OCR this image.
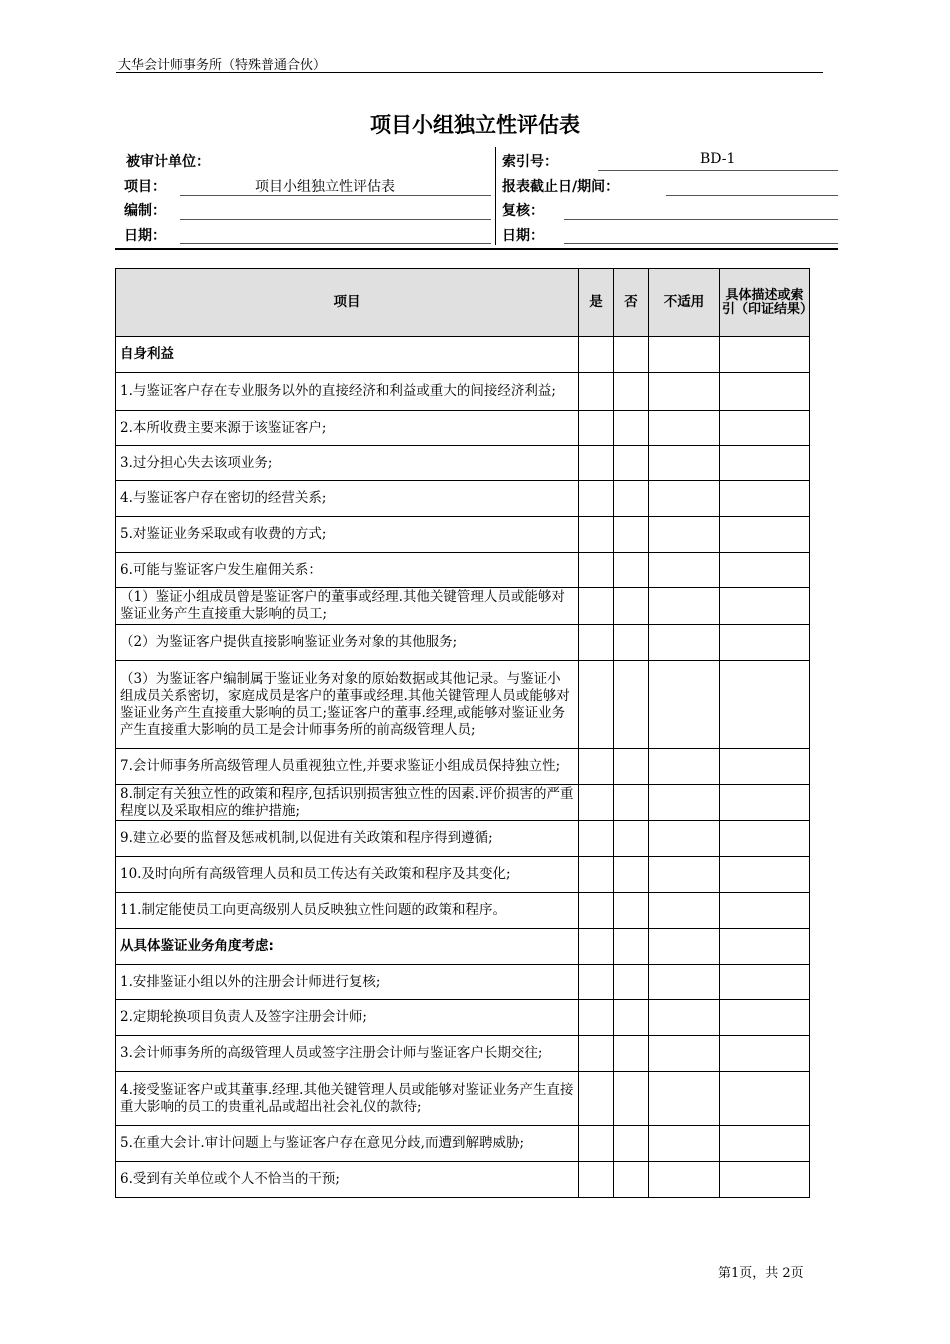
大华会计师事务所（特殊普通合伙）
项目小组独立性评估表
被审计单位：	索引号：	BD-1
项目：	项目小组独立性评估表	报表截止日/期间：
编制：	复核：
日期：	日期：
项目	是	否	不适用	具体描述或索引（印证结果）
自身利益				
1.与鉴证客户存在专业服务以外的直接经济和利益或重大的间接经济利益;				
2.本所收费主要来源于该鉴证客户;				
3.过分担心失去该项业务;				
4.与鉴证客户存在密切的经营关系;				
5.对鉴证业务采取或有收费的方式;				
6.可能与鉴证客户发生雇佣关系：				
（1）鉴证小组成员曾是鉴证客户的董事或经理.其他关键管理人员或能够对鉴证业务产生直接重大影响的员工;				
（2）为鉴证客户提供直接影响鉴证业务对象的其他服务;				
（3）为鉴证客户编制属于鉴证业务对象的原始数据或其他记录。与鉴证小组成员关系密切，家庭成员是客户的董事或经理.其他关键管理人员或能够对鉴证业务产生直接重大影响的员工;鉴证客户的董事.经理,或能够对鉴证业务产生直接重大影响的员工是会计师事务所的前高级管理人员;				
7.会计师事务所高级管理人员重视独立性,并要求鉴证小组成员保持独立性;				
8.制定有关独立性的政策和程序,包括识别损害独立性的因素.评价损害的严重程度以及采取相应的维护措施;				
9.建立必要的监督及惩戒机制,以促进有关政策和程序得到遵循;				
10.及时向所有高级管理人员和员工传达有关政策和程序及其变化;				
11.制定能使员工向更高级别人员反映独立性问题的政策和程序。				
从具体鉴证业务角度考虑:				
1.安排鉴证小组以外的注册会计师进行复核;				
2.定期轮换项目负责人及签字注册会计师;				
3.会计师事务所的高级管理人员或签字注册会计师与鉴证客户长期交往;				
4.接受鉴证客户或其董事.经理.其他关键管理人员或能够对鉴证业务产生直接重大影响的员工的贵重礼品或超出社会礼仪的款待;				
5.在重大会计.审计问题上与鉴证客户存在意见分歧,而遭到解聘威胁;				
6.受到有关单位或个人不恰当的干预;				
第1页，共 2页
